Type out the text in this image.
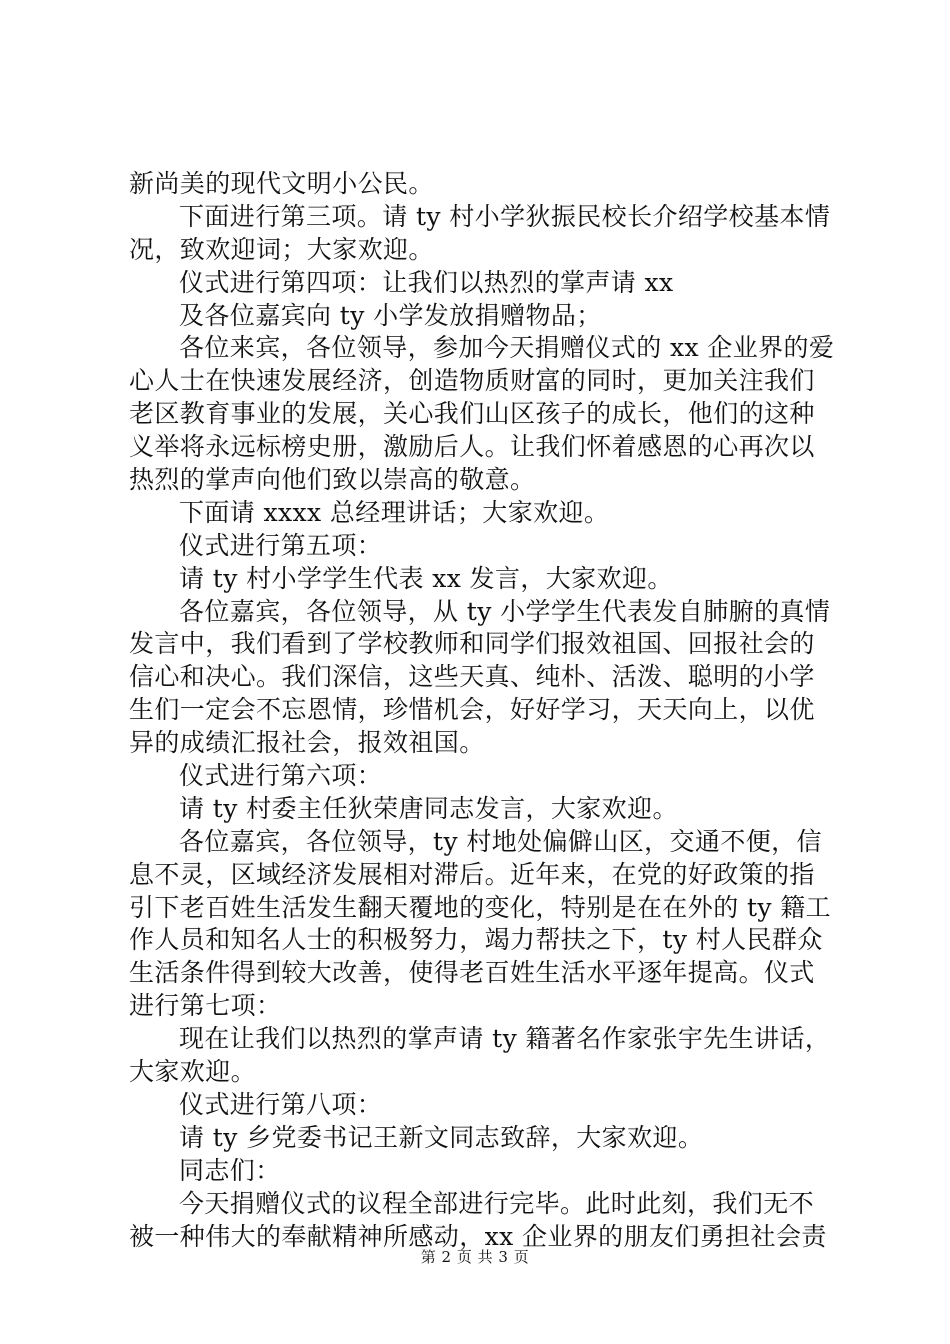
新尚美的现代文明小公民。
下面进行第三项。请 ty 村小学狄振民校长介绍学校基本情
况，致欢迎词；大家欢迎。
仪式进行第四项：让我们以热烈的掌声请 xx
及各位嘉宾向 ty 小学发放捐赠物品；
各位来宾，各位领导，参加今天捐赠仪式的 xx 企业界的爱
心人士在快速发展经济，创造物质财富的同时，更加关注我们
老区教育事业的发展，关心我们山区孩子的成长，他们的这种
义举将永远标榜史册，激励后人。让我们怀着感恩的心再次以
热烈的掌声向他们致以崇高的敬意。
下面请 xxxx 总经理讲话；大家欢迎。
仪式进行第五项：
请 ty 村小学学生代表 xx 发言，大家欢迎。
各位嘉宾，各位领导，从 ty 小学学生代表发自肺腑的真情
发言中，我们看到了学校教师和同学们报效祖国、回报社会的
信心和决心。我们深信，这些天真、纯朴、活泼、聪明的小学
生们一定会不忘恩情，珍惜机会，好好学习，天天向上，以优
异的成绩汇报社会，报效祖国。
仪式进行第六项：
请 ty 村委主任狄荣唐同志发言，大家欢迎。
各位嘉宾，各位领导，ty 村地处偏僻山区，交通不便，信
息不灵，区域经济发展相对滞后。近年来，在党的好政策的指
引下老百姓生活发生翻天覆地的变化，特别是在在外的 ty 籍工
作人员和知名人士的积极努力，竭力帮扶之下，ty 村人民群众
生活条件得到较大改善，使得老百姓生活水平逐年提高。仪式
进行第七项：
现在让我们以热烈的掌声请 ty 籍著名作家张宇先生讲话，
大家欢迎。
仪式进行第八项：
请 ty 乡党委书记王新文同志致辞，大家欢迎。
同志们：
今天捐赠仪式的议程全部进行完毕。此时此刻，我们无不
被一种伟大的奉献精神所感动，xx 企业界的朋友们勇担社会责
第 2 页 共 3 页
